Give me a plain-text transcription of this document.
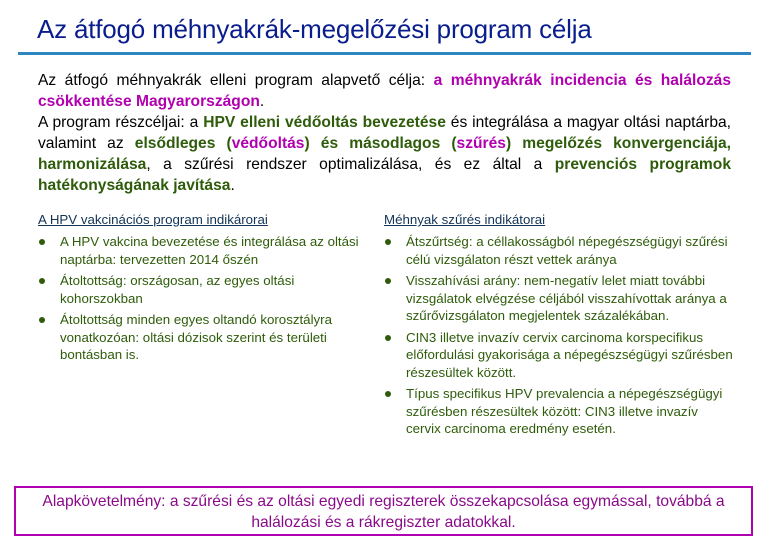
Az átfogó méhnyakrák-megelőzési program célja
Az átfogó méhnyakrák elleni program alapvető célja: a méhnyakrák incidencia és halálozás csökkentése Magyarországon.
A program részcéljai: a HPV elleni védőoltás bevezetése és integrálása a magyar oltási naptárba, valamint az elsődleges (védőoltás) és másodlagos (szűrés) megelőzés konvergenciája, harmonizálása, a szűrési rendszer optimalizálása, és ez által a prevenciós programok hatékonyságának javítása.
A HPV vakcinációs program indikárorai
A HPV vakcina bevezetése és integrálása az oltási naptárba: tervezetten 2014 őszén
Átoltottság: országosan, az egyes oltási kohorszokban
Átoltottság minden egyes oltandó korosztályra vonatkozóan: oltási dózisok szerint és területi bontásban is.
Méhnyak szűrés indikátorai
Átszűrtség: a céllakosságból népegészségügyi szűrési célú vizsgálaton részt vettek aránya
Visszahívási arány: nem-negatív lelet miatt további vizsgálatok elvégzése céljából visszahívottak aránya a szűrővizsgálaton megjelentek százalékában.
CIN3 illetve invazív cervix carcinoma korspecifikus előfordulási gyakorisága a népegészségügyi szűrésben részesültek között.
Típus specifikus HPV prevalencia a népegészségügyi szűrésben részesültek között: CIN3 illetve invazív cervix carcinoma eredmény esetén.
Alapkövetelmény: a szűrési és az oltási egyedi regiszterek összekapcsolása egymással, továbbá a halálozási és a rákregiszter adatokkal.
